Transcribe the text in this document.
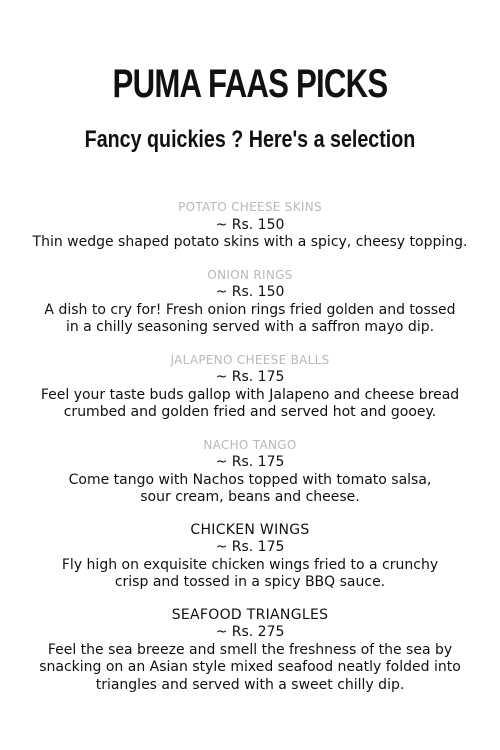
PUMA FAAS PICKS
Fancy quickies ? Here's a selection
POTATO CHEESE SKINS
~ Rs. 150
Thin wedge shaped potato skins with a spicy, cheesy topping.
ONION RINGS
~ Rs. 150
A dish to cry for! Fresh onion rings fried golden and tossed
in a chilly seasoning served with a saffron mayo dip.
JALAPENO CHEESE BALLS
~ Rs. 175
Feel your taste buds gallop with Jalapeno and cheese bread
crumbed and golden fried and served hot and gooey.
NACHO TANGO
~ Rs. 175
Come tango with Nachos topped with tomato salsa,
sour cream, beans and cheese.
CHICKEN WINGS
~ Rs. 175
Fly high on exquisite chicken wings fried to a crunchy
crisp and tossed in a spicy BBQ sauce.
SEAFOOD TRIANGLES
~ Rs. 275
Feel the sea breeze and smell the freshness of the sea by
snacking on an Asian style mixed seafood neatly folded into
triangles and served with a sweet chilly dip.
